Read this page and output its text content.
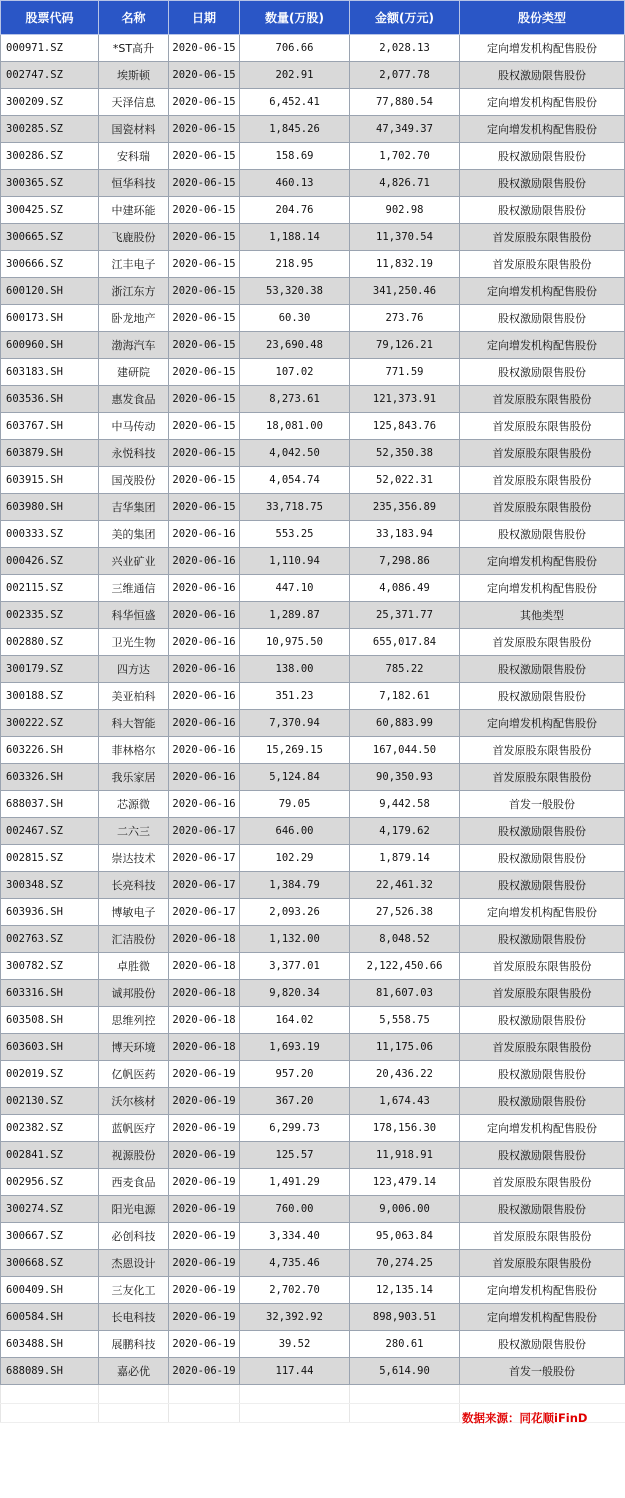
股票代码	名称	日期	数量(万股)	金额(万元)	股份类型
000971.SZ	*ST高升	2020-06-15	706.66	2,028.13	定向增发机构配售股份
002747.SZ	埃斯顿	2020-06-15	202.91	2,077.78	股权激励限售股份
300209.SZ	天泽信息	2020-06-15	6,452.41	77,880.54	定向增发机构配售股份
300285.SZ	国瓷材料	2020-06-15	1,845.26	47,349.37	定向增发机构配售股份
300286.SZ	安科瑞	2020-06-15	158.69	1,702.70	股权激励限售股份
300365.SZ	恒华科技	2020-06-15	460.13	4,826.71	股权激励限售股份
300425.SZ	中建环能	2020-06-15	204.76	902.98	股权激励限售股份
300665.SZ	飞鹿股份	2020-06-15	1,188.14	11,370.54	首发原股东限售股份
300666.SZ	江丰电子	2020-06-15	218.95	11,832.19	首发原股东限售股份
600120.SH	浙江东方	2020-06-15	53,320.38	341,250.46	定向增发机构配售股份
600173.SH	卧龙地产	2020-06-15	60.30	273.76	股权激励限售股份
600960.SH	渤海汽车	2020-06-15	23,690.48	79,126.21	定向增发机构配售股份
603183.SH	建研院	2020-06-15	107.02	771.59	股权激励限售股份
603536.SH	惠发食品	2020-06-15	8,273.61	121,373.91	首发原股东限售股份
603767.SH	中马传动	2020-06-15	18,081.00	125,843.76	首发原股东限售股份
603879.SH	永悦科技	2020-06-15	4,042.50	52,350.38	首发原股东限售股份
603915.SH	国茂股份	2020-06-15	4,054.74	52,022.31	首发原股东限售股份
603980.SH	吉华集团	2020-06-15	33,718.75	235,356.89	首发原股东限售股份
000333.SZ	美的集团	2020-06-16	553.25	33,183.94	股权激励限售股份
000426.SZ	兴业矿业	2020-06-16	1,110.94	7,298.86	定向增发机构配售股份
002115.SZ	三维通信	2020-06-16	447.10	4,086.49	定向增发机构配售股份
002335.SZ	科华恒盛	2020-06-16	1,289.87	25,371.77	其他类型
002880.SZ	卫光生物	2020-06-16	10,975.50	655,017.84	首发原股东限售股份
300179.SZ	四方达	2020-06-16	138.00	785.22	股权激励限售股份
300188.SZ	美亚柏科	2020-06-16	351.23	7,182.61	股权激励限售股份
300222.SZ	科大智能	2020-06-16	7,370.94	60,883.99	定向增发机构配售股份
603226.SH	菲林格尔	2020-06-16	15,269.15	167,044.50	首发原股东限售股份
603326.SH	我乐家居	2020-06-16	5,124.84	90,350.93	首发原股东限售股份
688037.SH	芯源微	2020-06-16	79.05	9,442.58	首发一般股份
002467.SZ	二六三	2020-06-17	646.00	4,179.62	股权激励限售股份
002815.SZ	崇达技术	2020-06-17	102.29	1,879.14	股权激励限售股份
300348.SZ	长亮科技	2020-06-17	1,384.79	22,461.32	股权激励限售股份
603936.SH	博敏电子	2020-06-17	2,093.26	27,526.38	定向增发机构配售股份
002763.SZ	汇洁股份	2020-06-18	1,132.00	8,048.52	股权激励限售股份
300782.SZ	卓胜微	2020-06-18	3,377.01	2,122,450.66	首发原股东限售股份
603316.SH	诚邦股份	2020-06-18	9,820.34	81,607.03	首发原股东限售股份
603508.SH	思维列控	2020-06-18	164.02	5,558.75	股权激励限售股份
603603.SH	博天环境	2020-06-18	1,693.19	11,175.06	首发原股东限售股份
002019.SZ	亿帆医药	2020-06-19	957.20	20,436.22	股权激励限售股份
002130.SZ	沃尔核材	2020-06-19	367.20	1,674.43	股权激励限售股份
002382.SZ	蓝帆医疗	2020-06-19	6,299.73	178,156.30	定向增发机构配售股份
002841.SZ	视源股份	2020-06-19	125.57	11,918.91	股权激励限售股份
002956.SZ	西麦食品	2020-06-19	1,491.29	123,479.14	首发原股东限售股份
300274.SZ	阳光电源	2020-06-19	760.00	9,006.00	股权激励限售股份
300667.SZ	必创科技	2020-06-19	3,334.40	95,063.84	首发原股东限售股份
300668.SZ	杰恩设计	2020-06-19	4,735.46	70,274.25	首发原股东限售股份
600409.SH	三友化工	2020-06-19	2,702.70	12,135.14	定向增发机构配售股份
600584.SH	长电科技	2020-06-19	32,392.92	898,903.51	定向增发机构配售股份
603488.SH	展鹏科技	2020-06-19	39.52	280.61	股权激励限售股份
688089.SH	嘉必优	2020-06-19	117.44	5,614.90	首发一般股份

数据来源：同花顺iFinD
